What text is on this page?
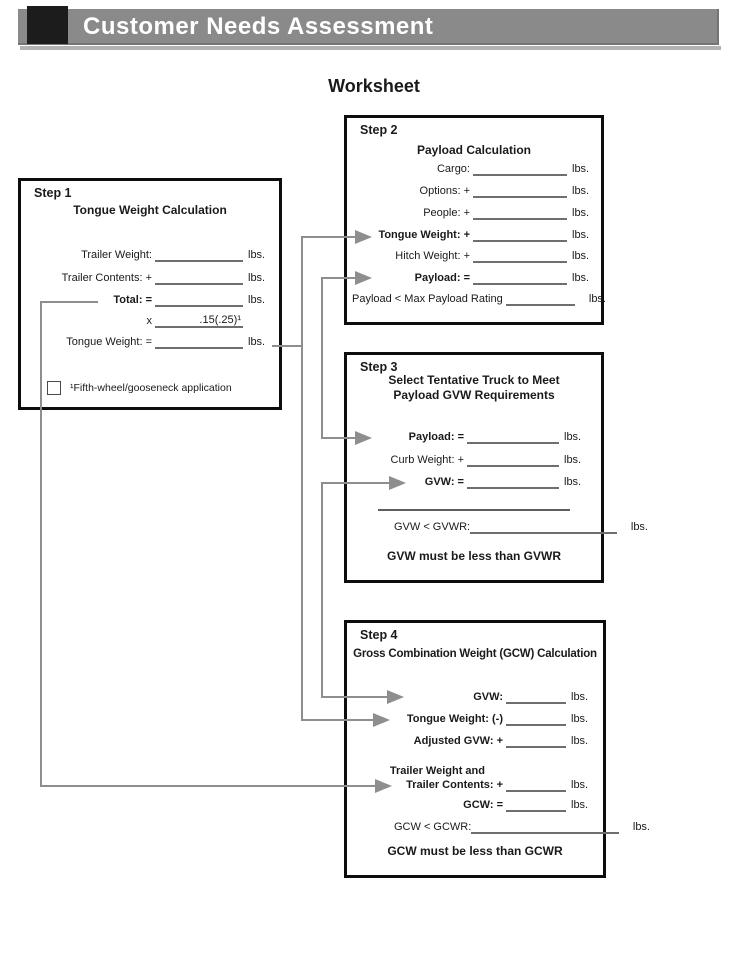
Customer Needs Assessment
Worksheet
Step 1
Tongue Weight Calculation
Trailer Weight:	lbs.
Trailer Contents: +	lbs.
Total: =	lbs.
x	.15(.25)¹
Tongue Weight: =	lbs.
¹Fifth-wheel/gooseneck application
Step 2
Payload Calculation
Cargo:	lbs.
Options: +	lbs.
People: +	lbs.
Tongue Weight: +	lbs.
Hitch Weight: +	lbs.
Payload: =	lbs.
Payload < Max Payload Rating	lbs.
Step 3
Select Tentative Truck to Meet
Payload GVW Requirements
Payload: =	lbs.
Curb Weight: +	lbs.
GVW: =	lbs.
GVW < GVWR:	lbs.
GVW must be less than GVWR
Step 4
Gross Combination Weight (GCW) Calculation
GVW:	lbs.
Tongue Weight: (-)	lbs.
Adjusted GVW: +	lbs.
Trailer Weight and
Trailer Contents: +	lbs.
GCW: =	lbs.
GCW < GCWR:	lbs.
GCW must be less than GCWR
